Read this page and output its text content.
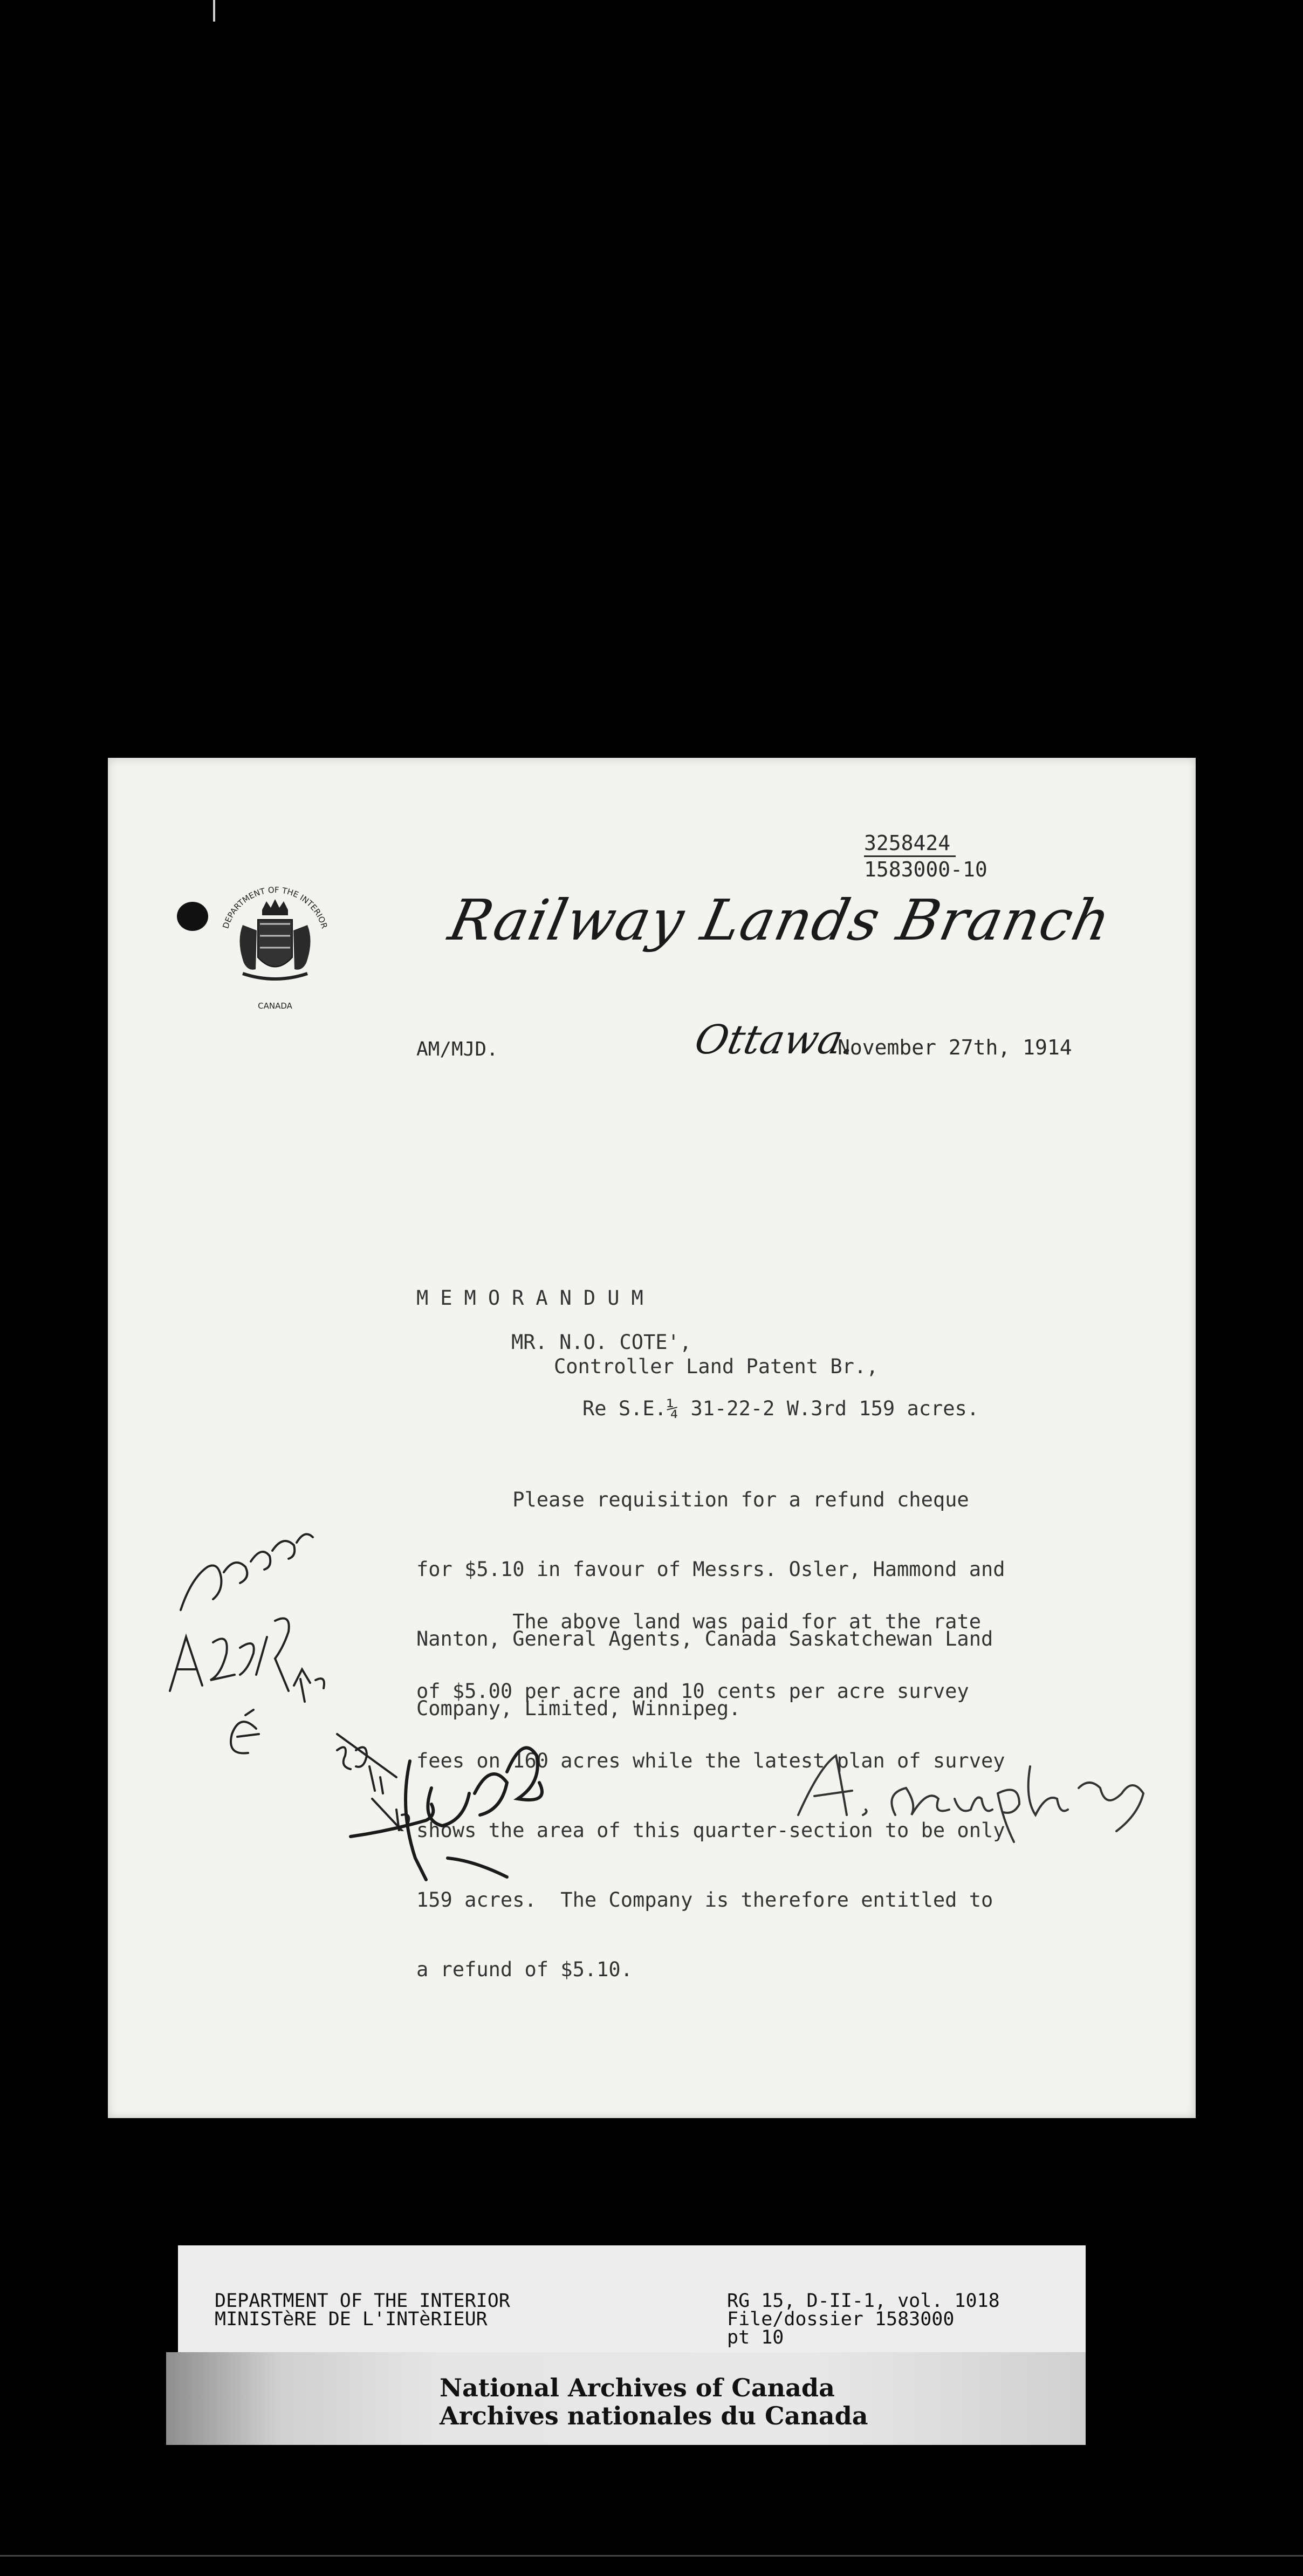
DEPARTMENT OF THE INTERIOR
CANADA
3258424
1583000-10
Railway Lands Branch
AM/MJD.	Ottawa.
November 27th, 1914
MEMORANDUM
MR. N.O. COTE',
Controller Land Patent Br.,
Re S.E.¼ 31-22-2 W.3rd 159 acres.

Please requisition for a refund cheque

for $5.10 in favour of Messrs. Osler, Hammond and

Nanton, General Agents, Canada Saskatchewan Land

Company, Limited, Winnipeg.

The above land was paid for at the rate

of $5.00 per acre and 10 cents per acre survey

fees on 160 acres while the latest plan of survey

shows the area of this quarter-section to be only

159 acres.  The Company is therefore entitled to

a refund of $5.10.

DEPARTMENT OF THE INTERIOR
MINISTèRE DE L'INTèRIEUR
RG 15, D-II-1, vol. 1018
File/dossier 1583000
pt 10
National Archives of Canada
Archives nationales du Canada
